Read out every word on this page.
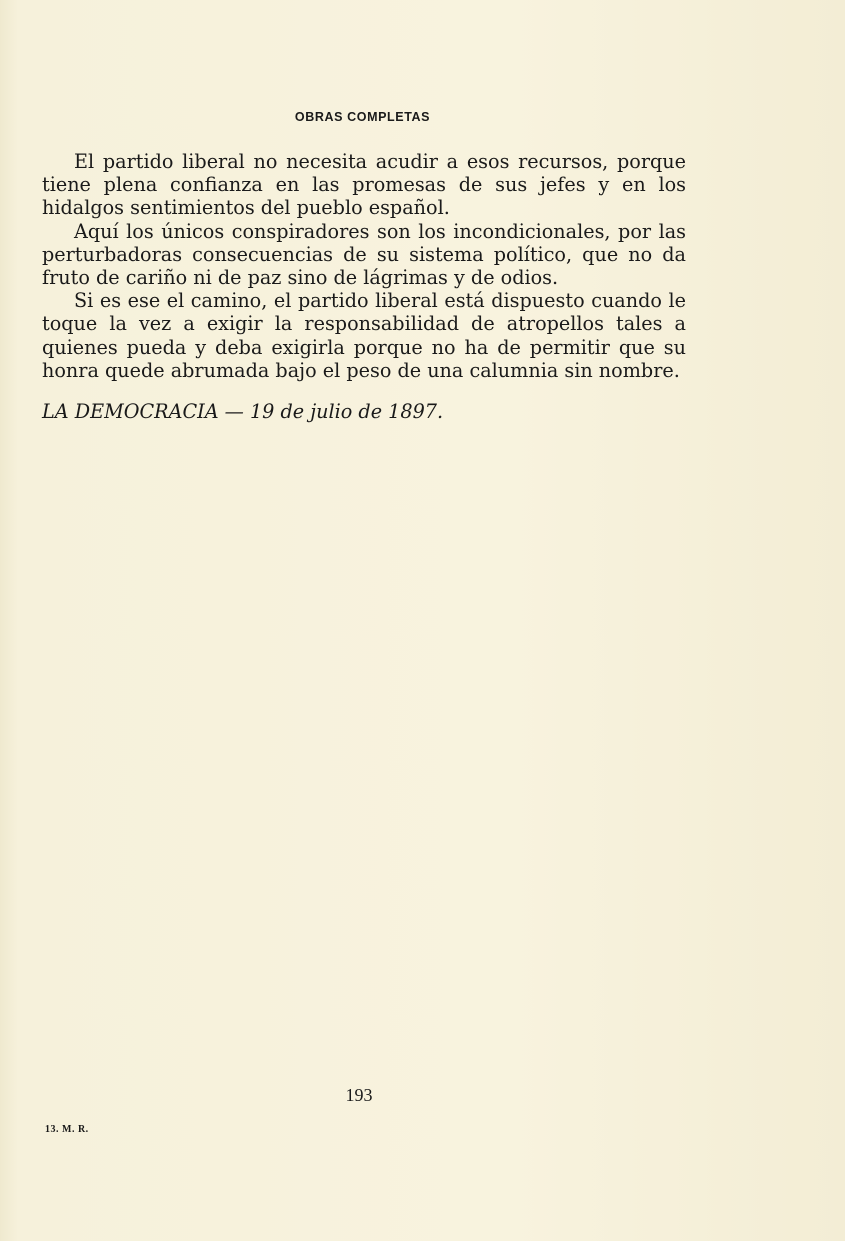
OBRAS COMPLETAS

El partido liberal no necesita acudir a esos recursos, porque tiene plena confianza en las promesas de sus jefes y en los hidalgos sentimientos del pueblo español.

Aquí los únicos conspiradores son los incondicionales, por las perturbadoras consecuencias de su sistema político, que no da fruto de cariño ni de paz sino de lágrimas y de odios.

Si es ese el camino, el partido liberal está dispuesto cuando le toque la vez a exigir la responsabilidad de atropellos tales a quienes pueda y deba exigirla porque no ha de permitir que su honra quede abrumada bajo el peso de una calumnia sin nombre.

LA DEMOCRACIA — 19 de julio de 1897.
193
13. M. R.
